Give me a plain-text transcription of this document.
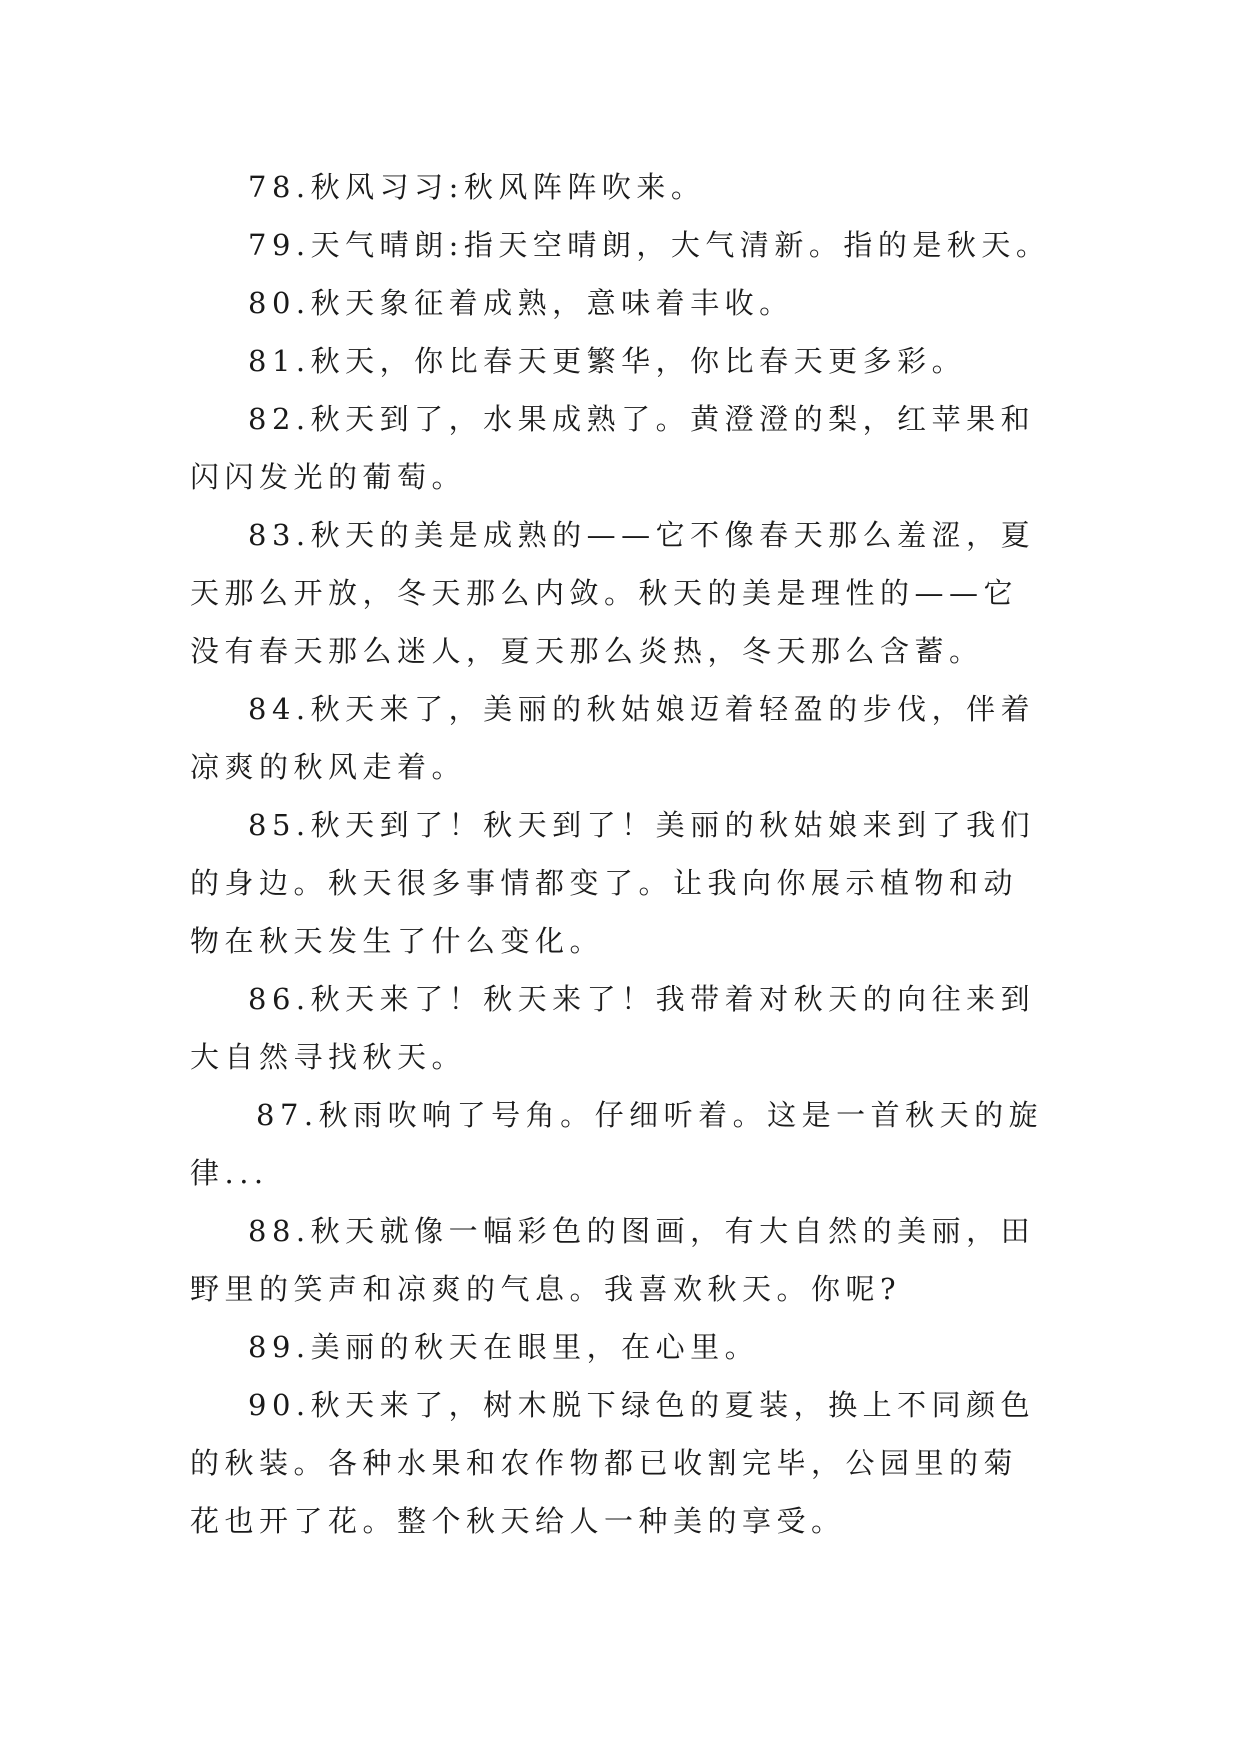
78.秋风习习:秋风阵阵吹来。

79.天气晴朗:指天空晴朗，大气清新。指的是秋天。

80.秋天象征着成熟，意味着丰收。

81.秋天，你比春天更繁华，你比春天更多彩。

82.秋天到了，水果成熟了。黄澄澄的梨，红苹果和闪闪发光的葡萄。

83.秋天的美是成熟的——它不像春天那么羞涩，夏天那么开放，冬天那么内敛。秋天的美是理性的——它没有春天那么迷人，夏天那么炎热，冬天那么含蓄。

84.秋天来了，美丽的秋姑娘迈着轻盈的步伐，伴着凉爽的秋风走着。

85.秋天到了！秋天到了！美丽的秋姑娘来到了我们的身边。秋天很多事情都变了。让我向你展示植物和动物在秋天发生了什么变化。

86.秋天来了！秋天来了！我带着对秋天的向往来到大自然寻找秋天。

87.秋雨吹响了号角。仔细听着。这是一首秋天的旋律...

88.秋天就像一幅彩色的图画，有大自然的美丽，田野里的笑声和凉爽的气息。我喜欢秋天。你呢?

89.美丽的秋天在眼里，在心里。

90.秋天来了，树木脱下绿色的夏装，换上不同颜色的秋装。各种水果和农作物都已收割完毕，公园里的菊花也开了花。整个秋天给人一种美的享受。
